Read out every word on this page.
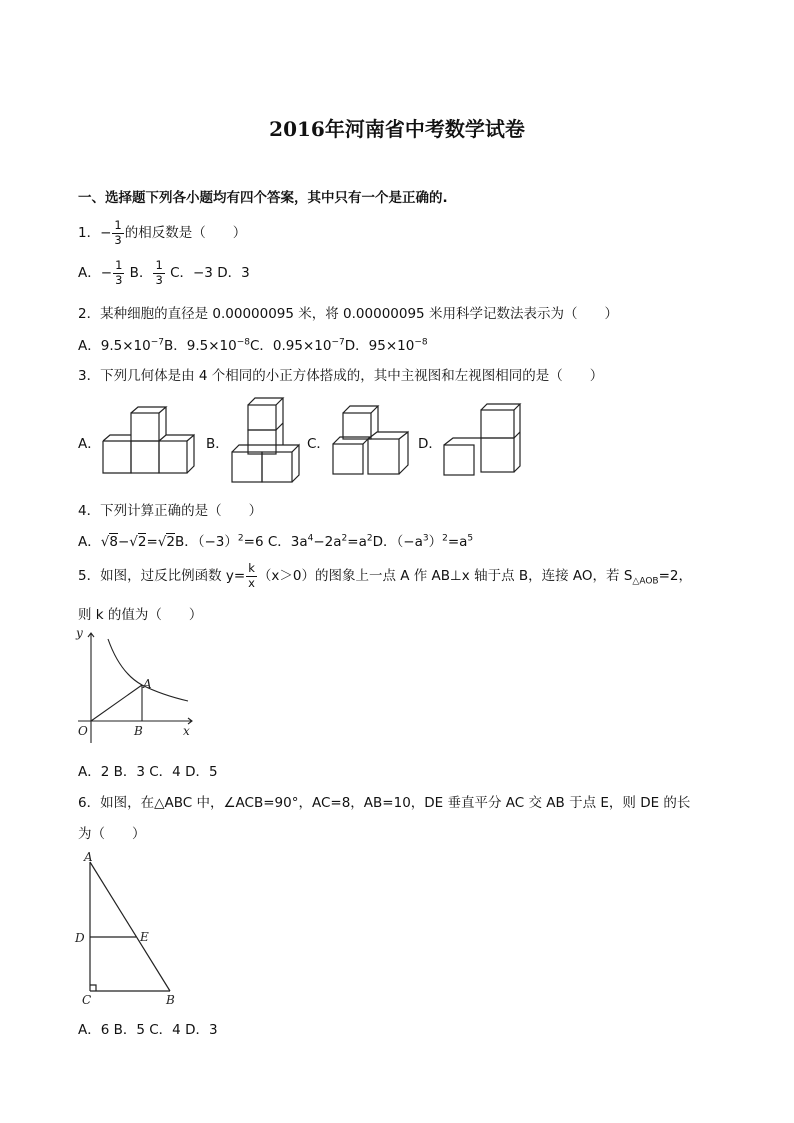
2016年河南省中考数学试卷
一、选择题下列各小题均有四个答案，其中只有一个是正确的.
1．− $\frac{1}{3}$ 的相反数是（　　）
A．− $\frac{1}{3}$ B． $\frac{1}{3}$ C．−3 D．3
2．某种细胞的直径是 0.00000095 米，将 0.00000095 米用科学记数法表示为（　　）
A．$9.5\times 10^{-7}B$．$9.5\times 10^{-8}C$．$0.95\times 10^{-7}D$．$95\times 10^{-8}$
3．下列几何体是由 4 个相同的小正方体搭成的，其中主视图和左视图相同的是（　　）
A．	B．	C．	D．
4．下列计算正确的是（　　）
A．√8−√2=√2B．$(-3)^2=6$ C．$3a^4-2a^2=a^2D$．$(-a^3)^2=a^5$
5．如图，过反比例函数 $y= \frac{k}{x} (x>0)$的图象上一点 A 作 AB⊥x 轴于点 B，连接 AO，若 $S_{\triangle AOB}=2$，
则 k 的值为（　　）
y
A
O	B	x
A．2 B．3 C．4 D．5
6．如图，在△ABC 中，∠ACB=90°，AC=8，AB=10，DE 垂直平分 AC 交 AB 于点 E，则 DE 的长
为（　　）
A
D	E
C	B
A．6 B．5 C．4 D．3
